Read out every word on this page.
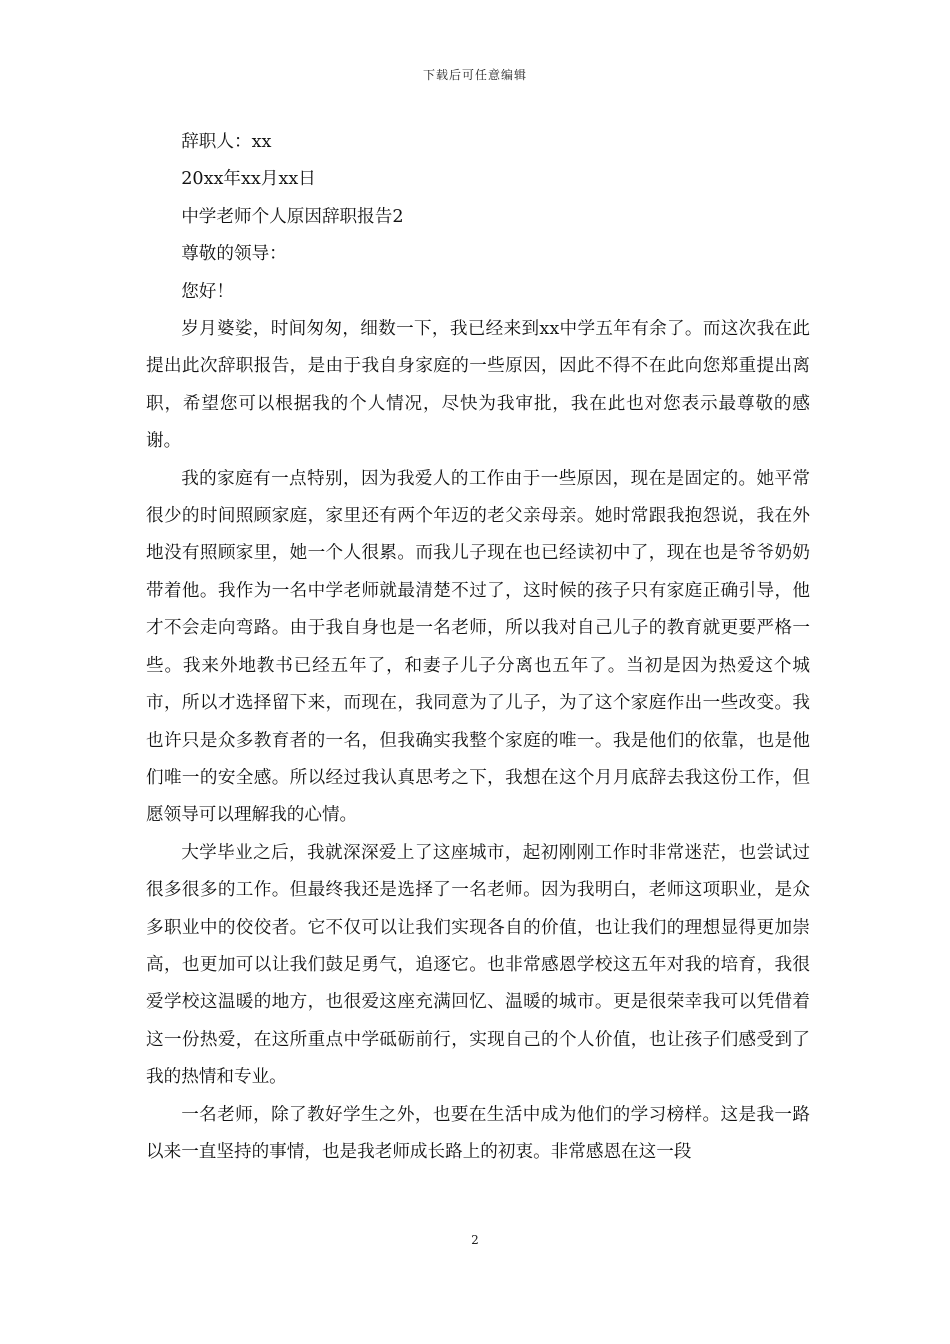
下载后可任意编辑

辞职人：xx

20xx年xx月xx日

中学老师个人原因辞职报告2

尊敬的领导：

您好！

岁月婆娑，时间匆匆，细数一下，我已经来到xx中学五年有余了。而这次我在此提出此次辞职报告，是由于我自身家庭的一些原因，因此不得不在此向您郑重提出离职，希望您可以根据我的个人情况，尽快为我审批，我在此也对您表示最尊敬的感谢。

我的家庭有一点特别，因为我爱人的工作由于一些原因，现在是固定的。她平常很少的时间照顾家庭，家里还有两个年迈的老父亲母亲。她时常跟我抱怨说，我在外地没有照顾家里，她一个人很累。而我儿子现在也已经读初中了，现在也是爷爷奶奶带着他。我作为一名中学老师就最清楚不过了，这时候的孩子只有家庭正确引导，他才不会走向弯路。由于我自身也是一名老师，所以我对自己儿子的教育就更要严格一些。我来外地教书已经五年了，和妻子儿子分离也五年了。当初是因为热爱这个城市，所以才选择留下来，而现在，我同意为了儿子，为了这个家庭作出一些改变。我也许只是众多教育者的一名，但我确实我整个家庭的唯一。我是他们的依靠，也是他们唯一的安全感。所以经过我认真思考之下，我想在这个月月底辞去我这份工作，但愿领导可以理解我的心情。

大学毕业之后，我就深深爱上了这座城市，起初刚刚工作时非常迷茫，也尝试过很多很多的工作。但最终我还是选择了一名老师。因为我明白，老师这项职业，是众多职业中的佼佼者。它不仅可以让我们实现各自的价值，也让我们的理想显得更加崇高，也更加可以让我们鼓足勇气，追逐它。也非常感恩学校这五年对我的培育，我很爱学校这温暖的地方，也很爱这座充满回忆、温暖的城市。更是很荣幸我可以凭借着这一份热爱，在这所重点中学砥砺前行，实现自己的个人价值，也让孩子们感受到了我的热情和专业。

一名老师，除了教好学生之外，也要在生活中成为他们的学习榜样。这是我一路以来一直坚持的事情，也是我老师成长路上的初衷。非常感恩在这一段

2
